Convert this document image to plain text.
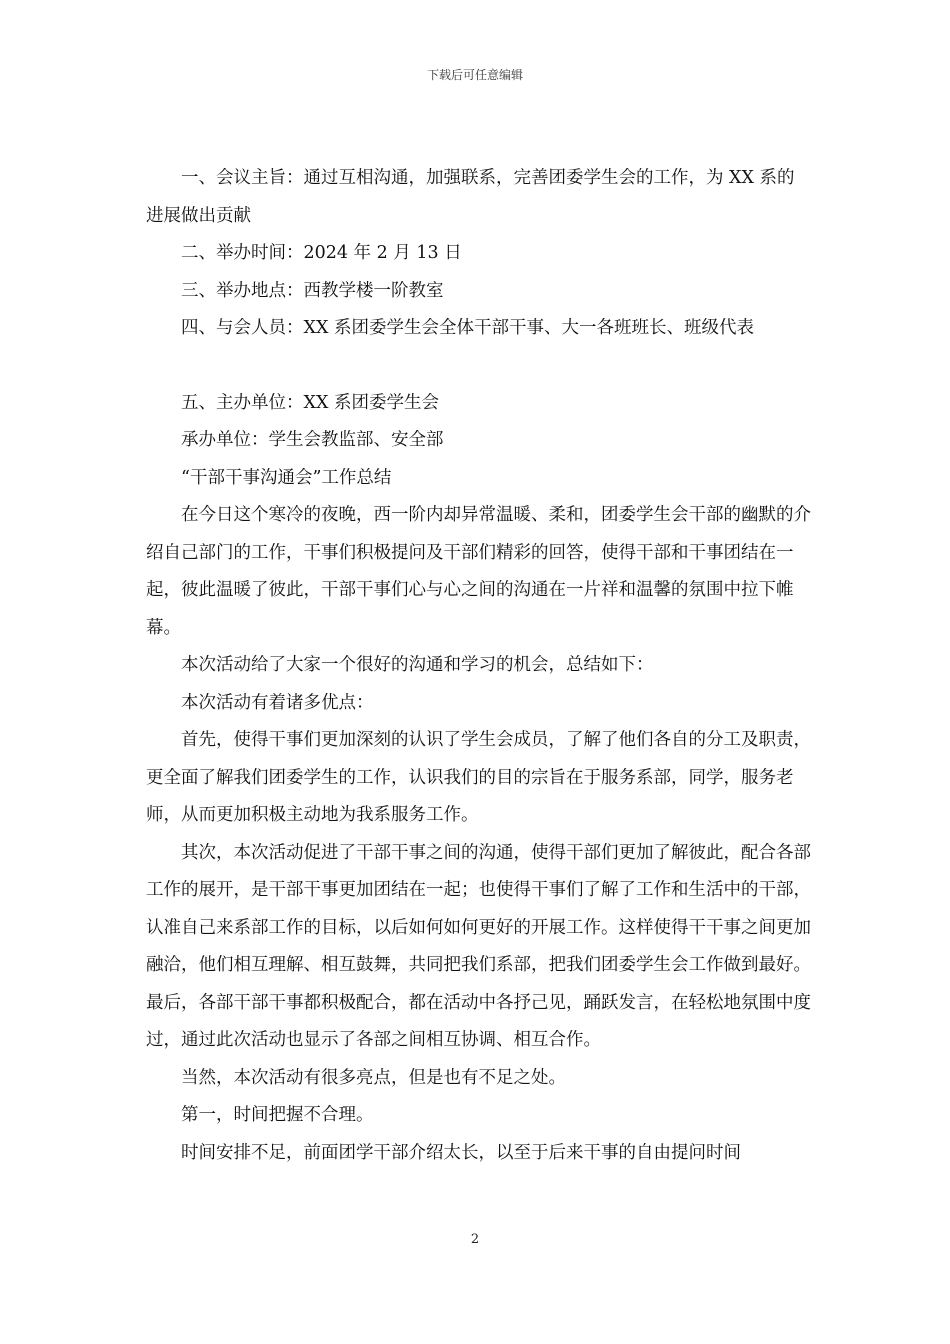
下载后可任意编辑

一、会议主旨：通过互相沟通，加强联系，完善团委学生会的工作，为 XX 系的进展做出贡献

二、举办时间：2024 年 2 月 13 日

三、举办地点：西教学楼一阶教室

四、与会人员：XX 系团委学生会全体干部干事、大一各班班长、班级代表

五、主办单位：XX 系团委学生会

承办单位：学生会教监部、安全部

“干部干事沟通会”工作总结

在今日这个寒冷的夜晚，西一阶内却异常温暖、柔和，团委学生会干部的幽默的介绍自己部门的工作，干事们积极提问及干部们精彩的回答，使得干部和干事团结在一起，彼此温暖了彼此，干部干事们心与心之间的沟通在一片祥和温馨的氛围中拉下帷幕。

本次活动给了大家一个很好的沟通和学习的机会，总结如下：

本次活动有着诸多优点：

首先，使得干事们更加深刻的认识了学生会成员，了解了他们各自的分工及职责，更全面了解我们团委学生的工作，认识我们的目的宗旨在于服务系部，同学，服务老师，从而更加积极主动地为我系服务工作。

其次，本次活动促进了干部干事之间的沟通，使得干部们更加了解彼此，配合各部工作的展开，是干部干事更加团结在一起；也使得干事们了解了工作和生活中的干部，认准自己来系部工作的目标，以后如何如何更好的开展工作。这样使得干干事之间更加融洽，他们相互理解、相互鼓舞，共同把我们系部，把我们团委学生会工作做到最好。最后，各部干部干事都积极配合，都在活动中各抒己见，踊跃发言，在轻松地氛围中度过，通过此次活动也显示了各部之间相互协调、相互合作。

当然，本次活动有很多亮点，但是也有不足之处。

第一，时间把握不合理。

时间安排不足，前面团学干部介绍太长，以至于后来干事的自由提问时间

2
